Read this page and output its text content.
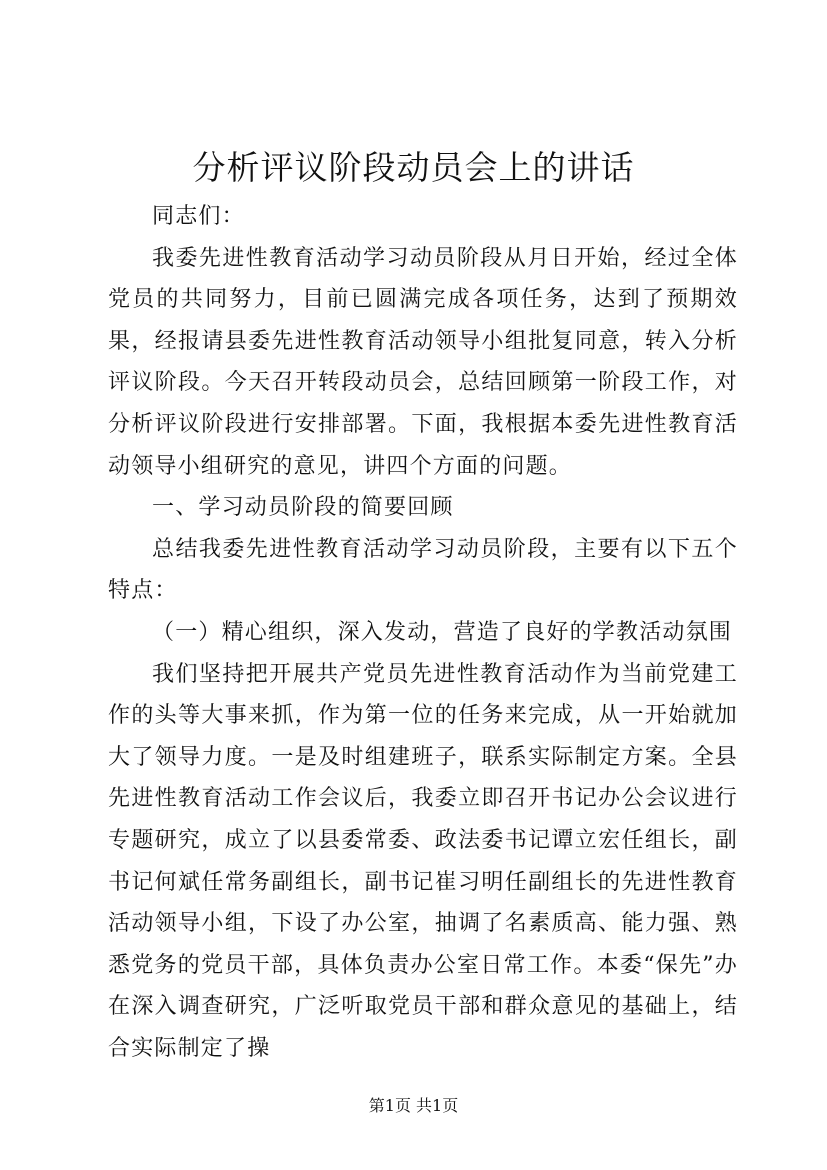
分析评议阶段动员会上的讲话

同志们：

我委先进性教育活动学习动员阶段从月日开始，经过全体党员的共同努力，目前已圆满完成各项任务，达到了预期效果，经报请县委先进性教育活动领导小组批复同意，转入分析评议阶段。今天召开转段动员会，总结回顾第一阶段工作，对分析评议阶段进行安排部署。下面，我根据本委先进性教育活动领导小组研究的意见，讲四个方面的问题。

一、学习动员阶段的简要回顾

总结我委先进性教育活动学习动员阶段，主要有以下五个特点：

（一）精心组织，深入发动，营造了良好的学教活动氛围

我们坚持把开展共产党员先进性教育活动作为当前党建工作的头等大事来抓，作为第一位的任务来完成，从一开始就加大了领导力度。一是及时组建班子，联系实际制定方案。全县先进性教育活动工作会议后，我委立即召开书记办公会议进行专题研究，成立了以县委常委、政法委书记谭立宏任组长，副书记何斌任常务副组长，副书记崔习明任副组长的先进性教育活动领导小组，下设了办公室，抽调了名素质高、能力强、熟悉党务的党员干部，具体负责办公室日常工作。本委“保先”办在深入调查研究，广泛听取党员干部和群众意见的基础上，结合实际制定了操

第1页 共1页
